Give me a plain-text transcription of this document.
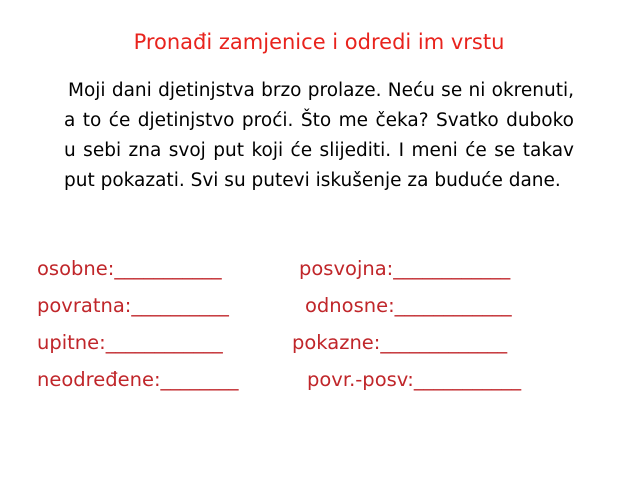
Pronađi zamjenice i odredi im vrstu
Moji dani djetinjstva brzo prolaze. Neću se ni okrenuti, a to će djetinjstvo proći. Što me čeka? Svatko duboko u sebi zna svoj put koji će slijediti. I meni će se takav put pokazati. Svi su putevi iskušenje za buduće dane.
osobne:___________	posvojna:____________
povratna:__________	odnosne:____________
upitne:____________	pokazne:_____________
neodređene:________	povr.-posv:___________
